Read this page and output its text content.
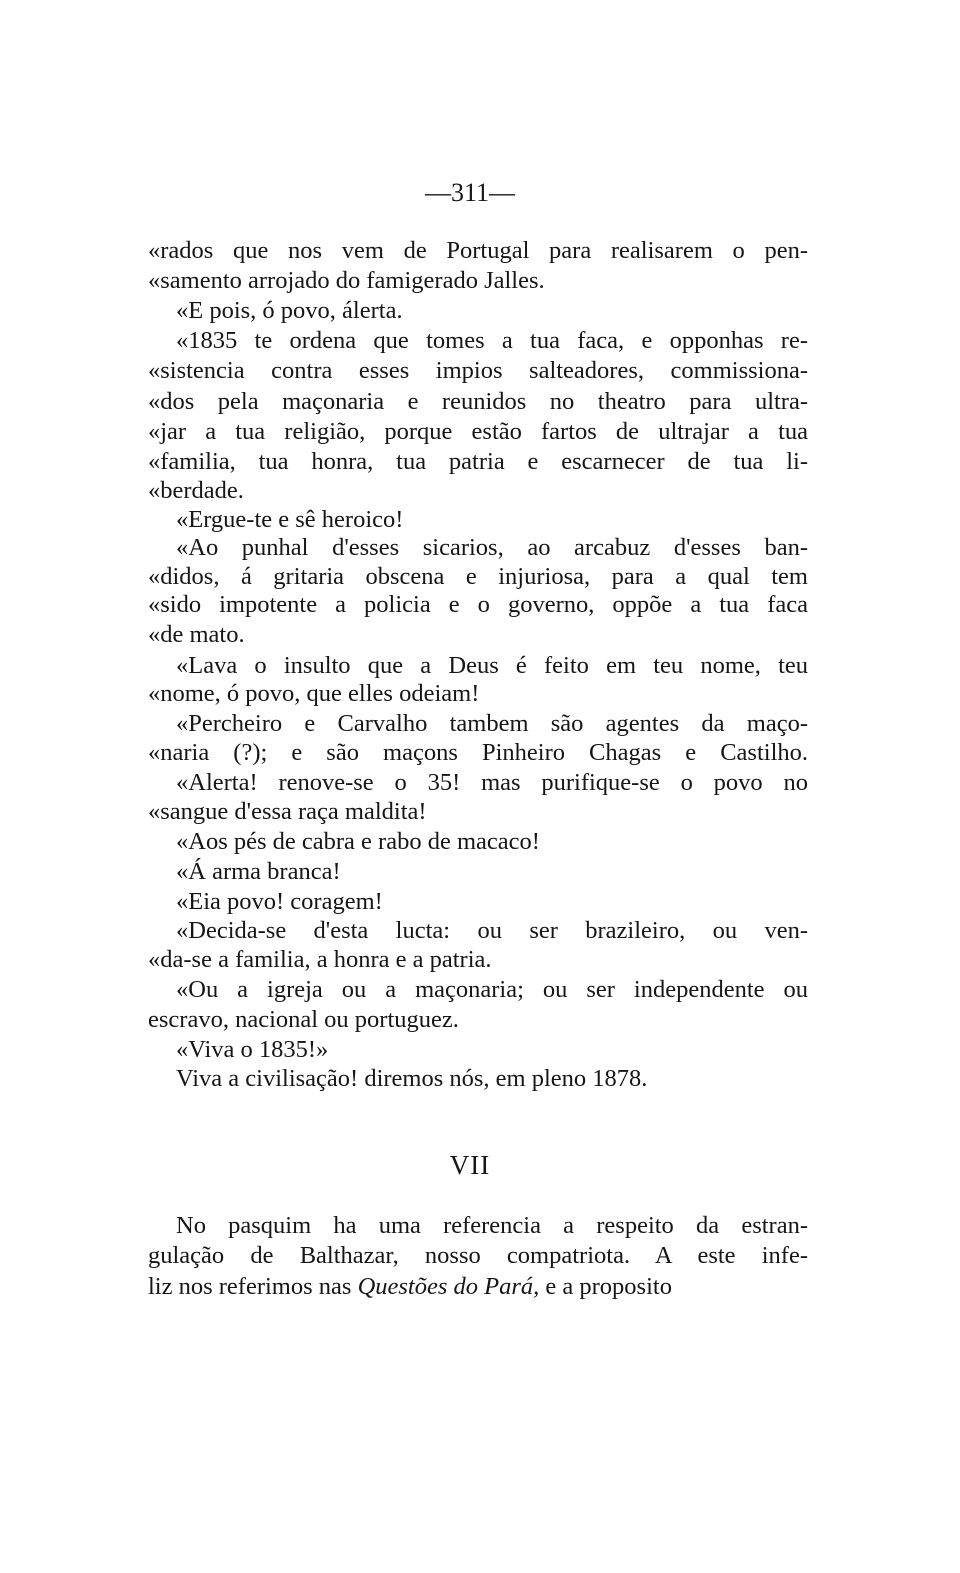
—311—
«rados que nos vem de Portugal para realisarem o pen-
«samento arrojado do famigerado Jalles.
«E pois, ó povo, álerta.
«1835 te ordena que tomes a tua faca, e opponhas re-
«sistencia contra esses impios salteadores, commissiona-
«dos pela maçonaria e reunidos no theatro para ultra-
«jar a tua religião, porque estão fartos de ultrajar a tua
«familia, tua honra, tua patria e escarnecer de tua li-
«berdade.
«Ergue-te e sê heroico!
«Ao punhal d'esses sicarios, ao arcabuz d'esses ban-
«didos, á gritaria obscena e injuriosa, para a qual tem
«sido impotente a policia e o governo, oppõe a tua faca
«de mato.
«Lava o insulto que a Deus é feito em teu nome, teu
«nome, ó povo, que elles odeiam!
«Percheiro e Carvalho tambem são agentes da maço-
«naria (?); e são maçons Pinheiro Chagas e Castilho.
«Alerta! renove-se o 35! mas purifique-se o povo no
«sangue d'essa raça maldita!
«Aos pés de cabra e rabo de macaco!
«Á arma branca!
«Eia povo! coragem!
«Decida-se d'esta lucta: ou ser brazileiro, ou ven-
«da-se a familia, a honra e a patria.
«Ou a igreja ou a maçonaria; ou ser independente ou
escravo, nacional ou portuguez.
«Viva o 1835!»
Viva a civilisação! diremos nós, em pleno 1878.
VII
No pasquim ha uma referencia a respeito da estran-
gulação de Balthazar, nosso compatriota. A este infe-
liz nos referimos nas Questões do Pará, e a proposito
